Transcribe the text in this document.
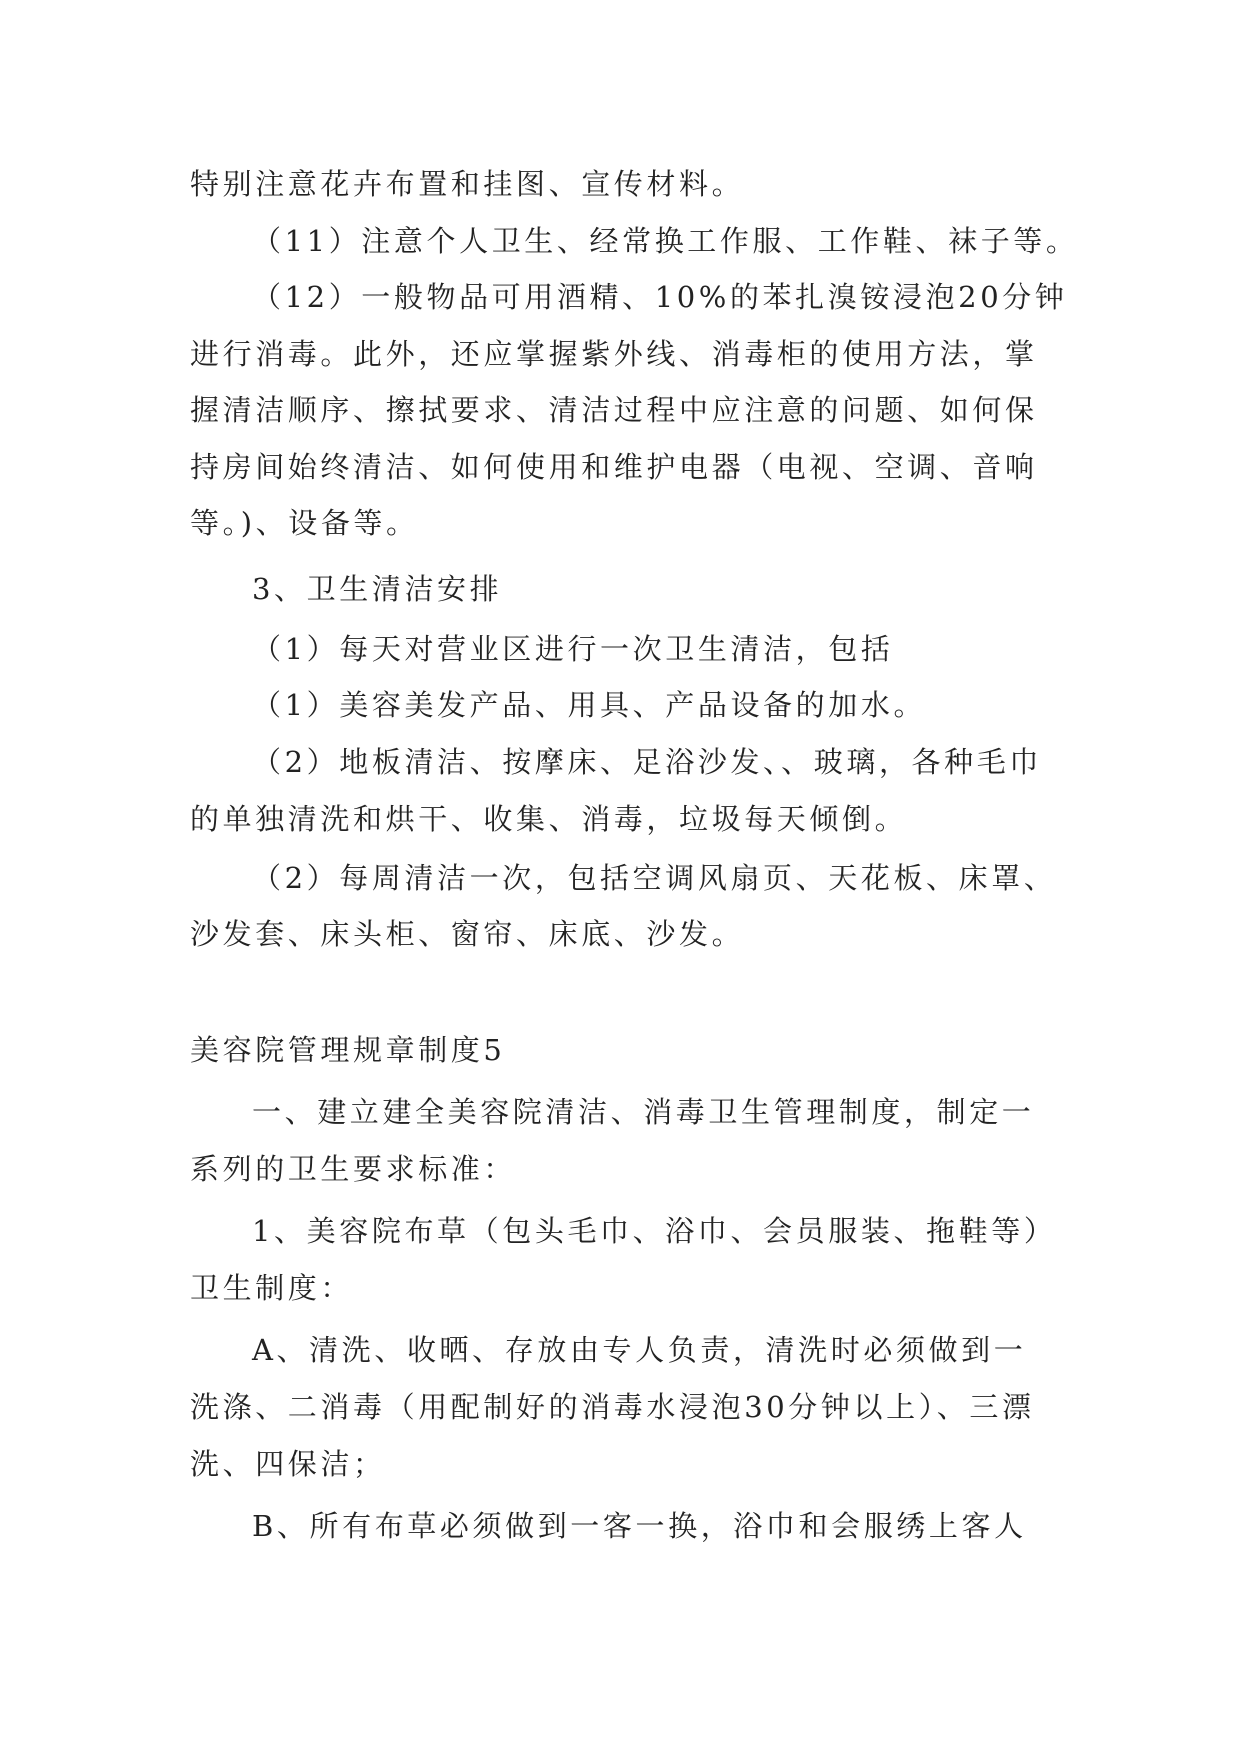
特别注意花卉布置和挂图、宣传材料。
（11）注意个人卫生、经常换工作服、工作鞋、袜子等。
（12）一般物品可用酒精、10%的苯扎溴铵浸泡20分钟
进行消毒。此外，还应掌握紫外线、消毒柜的使用方法，掌
握清洁顺序、擦拭要求、清洁过程中应注意的问题、如何保
持房间始终清洁、如何使用和维护电器（电视、空调、音响
等。)、设备等。
3、卫生清洁安排
（1）每天对营业区进行一次卫生清洁，包括
（1）美容美发产品、用具、产品设备的加水。
（2）地板清洁、按摩床、足浴沙发、、玻璃，各种毛巾
的单独清洗和烘干、收集、消毒，垃圾每天倾倒。
（2）每周清洁一次，包括空调风扇页、天花板、床罩、
沙发套、床头柜、窗帘、床底、沙发。
美容院管理规章制度5
一、建立建全美容院清洁、消毒卫生管理制度，制定一
系列的卫生要求标准：
1、美容院布草（包头毛巾、浴巾、会员服装、拖鞋等）
卫生制度：
A、清洗、收晒、存放由专人负责，清洗时必须做到一
洗涤、二消毒（用配制好的消毒水浸泡30分钟以上）、三漂
洗、四保洁；
B、所有布草必须做到一客一换，浴巾和会服绣上客人
